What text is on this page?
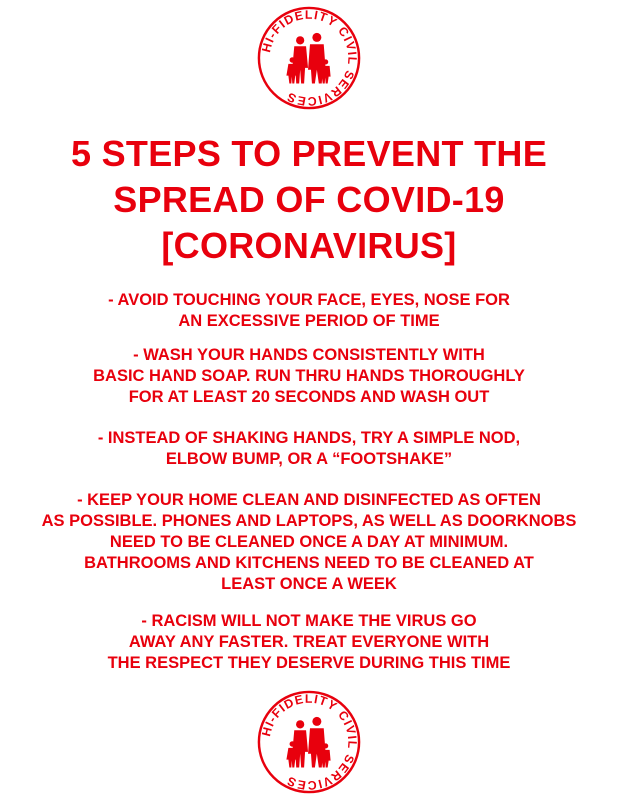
HI-FIDELITY CIVIL SERVICES
5 STEPS TO PREVENT THE
SPREAD OF COVID-19
[CORONAVIRUS]

- AVOID TOUCHING YOUR FACE, EYES, NOSE FOR
AN EXCESSIVE PERIOD OF TIME

- WASH YOUR HANDS CONSISTENTLY WITH
BASIC HAND SOAP. RUN THRU HANDS THOROUGHLY
FOR AT LEAST 20 SECONDS AND WASH OUT

- INSTEAD OF SHAKING HANDS, TRY A SIMPLE NOD,
ELBOW BUMP, OR A “FOOTSHAKE”

- KEEP YOUR HOME CLEAN AND DISINFECTED AS OFTEN
AS POSSIBLE. PHONES AND LAPTOPS, AS WELL AS DOORKNOBS
NEED TO BE CLEANED ONCE A DAY AT MINIMUM.
BATHROOMS AND KITCHENS NEED TO BE CLEANED AT
LEAST ONCE A WEEK

- RACISM WILL NOT MAKE THE VIRUS GO
AWAY ANY FASTER. TREAT EVERYONE WITH
THE RESPECT THEY DESERVE DURING THIS TIME

HI-FIDELITY CIVIL SERVICES
